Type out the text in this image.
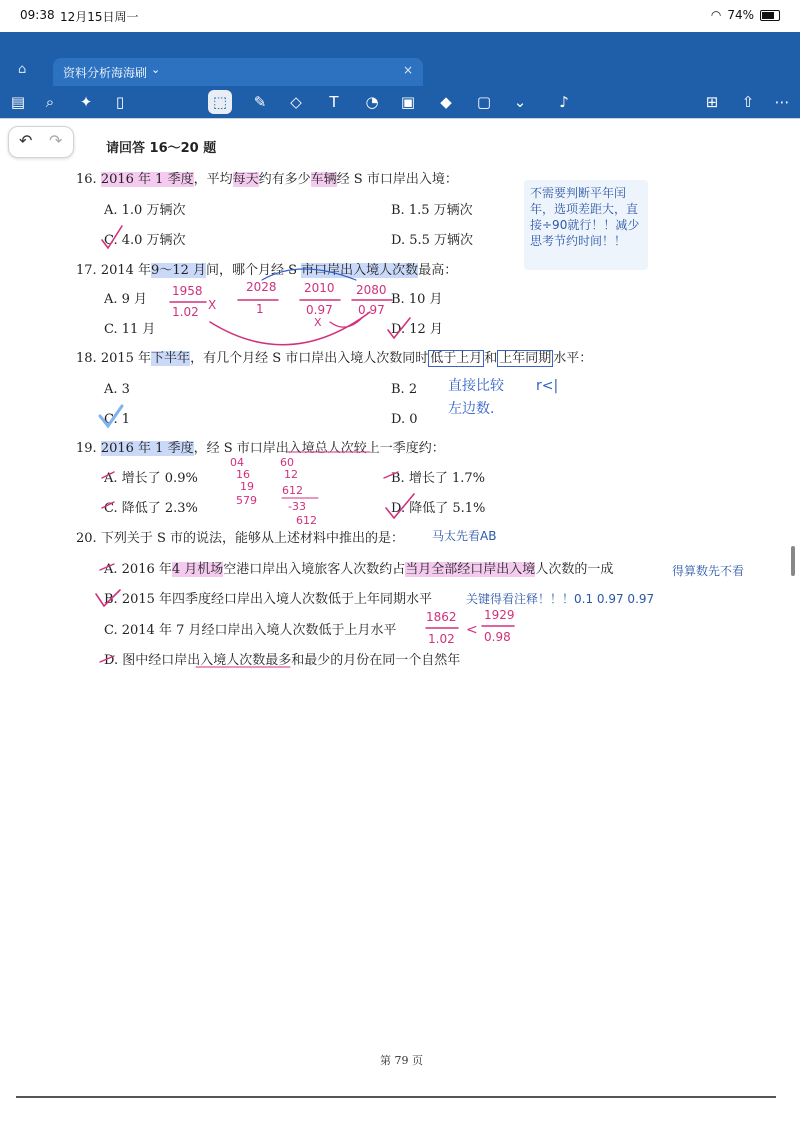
09:38 12月15日周一	◠ 74%
⌂	资料分析海海刷 ⌄	×
▤	⌕	✦	▯	⬚	✎	◇	T	◔	▣	◆	▢	⌄	♪	⊞	⇧	⋯
↶ ↷	请回答 16～20 题
16. 2016 年 1 季度，平均每天约有多少车辆经 S 市口岸出入境：
A. 1.0 万辆次	B. 1.5 万辆次
C. 4.0 万辆次	D. 5.5 万辆次
不需要判断平年闰年，选项差距大，直接÷90就行！！减少思考节约时间！！
17. 2014 年9～12 月间，哪个月经 S 市口岸出入境人次数最高：
A. 9 月	B. 10 月
C. 11 月	D. 12 月
1958
1.02 X
2028
1
2010
0.97
X
2080
0.97
18. 2015 年下半年，有几个月经 S 市口岸出入境人次数同时 低于上月 和 上年同期 水平：
A. 3	B. 2
C. 1	D. 0
直接比较
左边数.
r<|
19. 2016 年 1 季度，经 S 市口岸出入境总人次较上一季度约：
A. 增长了 0.9%	B. 增长了 1.7%
C. 降低了 2.3%	D. 降低了 5.1%
04
16
19
579
60
12
612
-33
612
20. 下列关于 S 市的说法，能够从上述材料中推出的是： 马太先看AB
A. 2016 年4 月机场空港口岸出入境旅客人次数约占当月全部经口岸出入境人次数的一成	得算数先不看
B. 2015 年四季度经口岸出入境人次数低于上年同期水平	关键得看注释！！！0.1 0.97 0.97
C. 2014 年 7 月经口岸出入境人次数低于上月水平
1862
1.02
<
1929
0.98
D. 图中经口岸出入境人次数最多和最少的月份在同一个自然年
第 79 页
